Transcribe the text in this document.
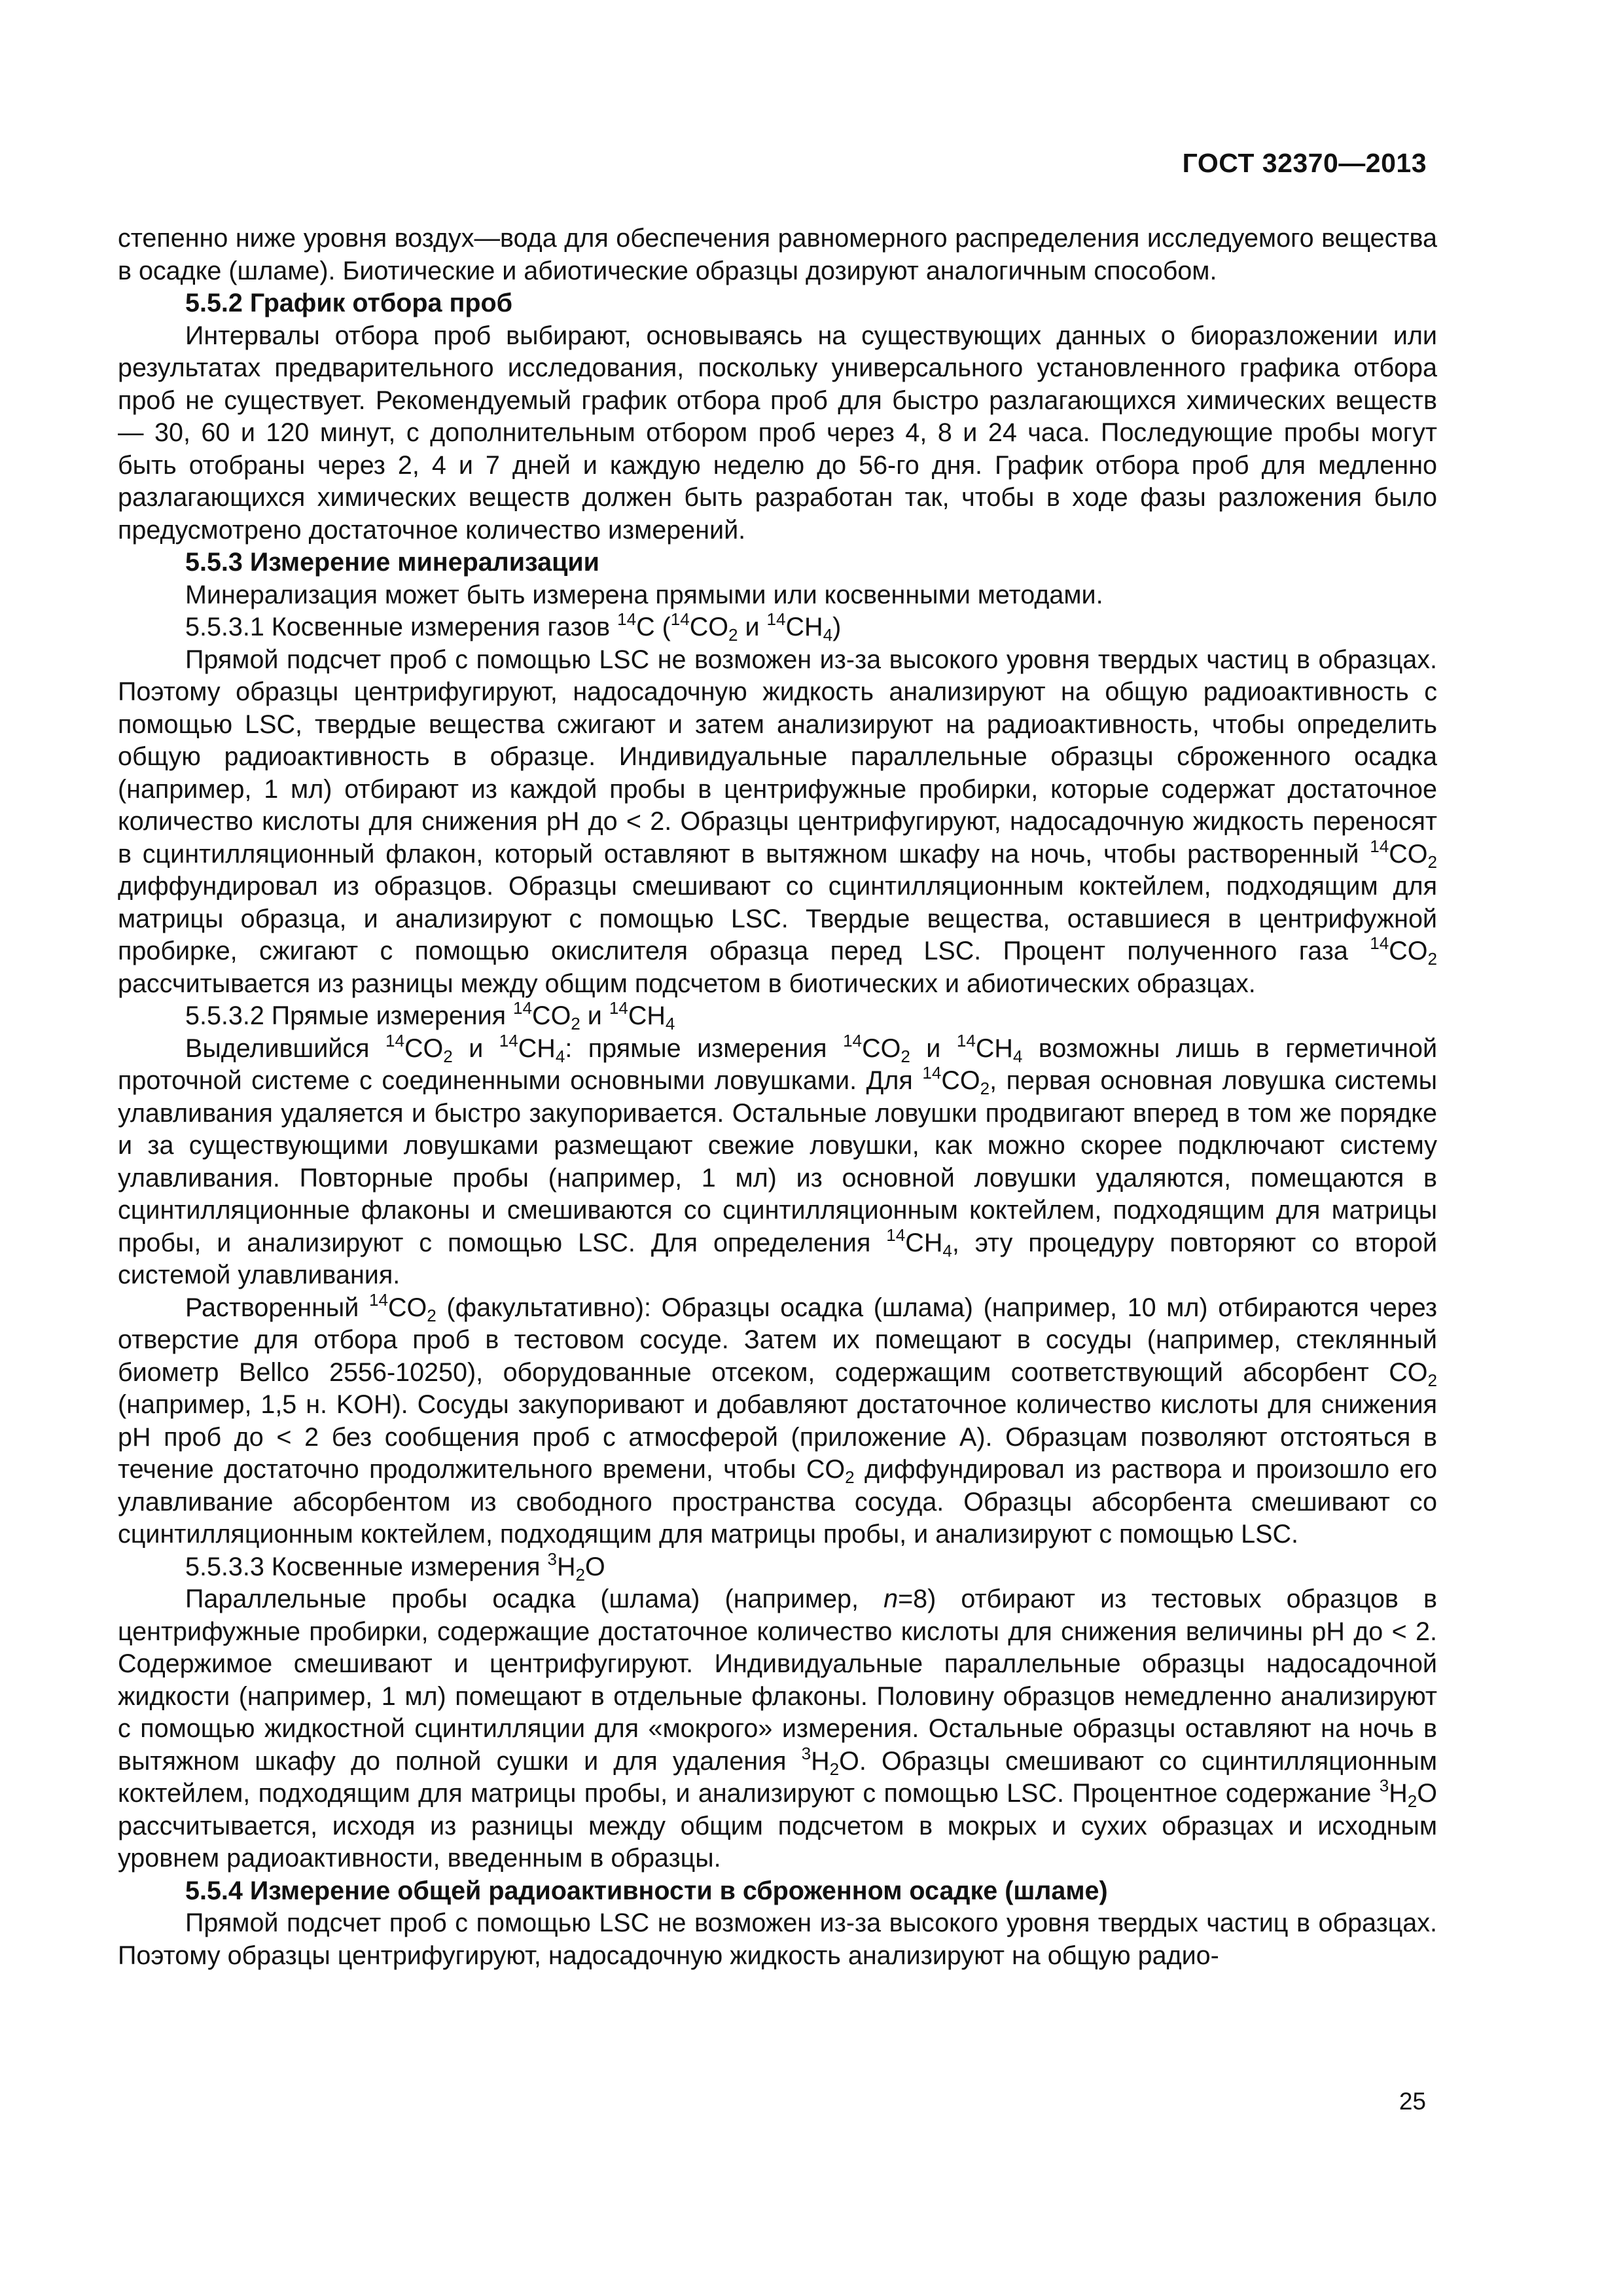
ГОСТ 32370—2013

степенно ниже уровня воздух—вода для обеспечения равномерного распределения исследуемого вещества в осадке (шламе). Биотические и абиотические образцы дозируют аналогичным способом.

5.5.2 График отбора проб

Интервалы отбора проб выбирают, основываясь на существующих данных о биоразложении или результатах предварительного исследования, поскольку универсального установленного графика отбора проб не существует. Рекомендуемый график отбора проб для быстро разлагающихся химических веществ — 30, 60 и 120 минут, с дополнительным отбором проб через 4, 8 и 24 часа. Последующие пробы могут быть отобраны через 2, 4 и 7 дней и каждую неделю до 56-го дня. График отбора проб для медленно разлагающихся химических веществ должен быть разработан так, чтобы в ходе фазы разложения было предусмотрено достаточное количество измерений.

5.5.3 Измерение минерализации

Минерализация может быть измерена прямыми или косвенными методами.

5.5.3.1 Косвенные измерения газов $^{14}$C ($^{14}CO_2$ и $^{14}CH_4$)

Прямой подсчет проб с помощью LSC не возможен из-за высокого уровня твердых частиц в образцах. Поэтому образцы центрифугируют, надосадочную жидкость анализируют на общую радиоактивность с помощью LSC, твердые вещества сжигают и затем анализируют на радиоактивность, чтобы определить общую радиоактивность в образце. Индивидуальные параллельные образцы сброженного осадка (например, 1 мл) отбирают из каждой пробы в центрифужные пробирки, которые содержат достаточное количество кислоты для снижения рН до < 2. Образцы центрифугируют, надосадочную жидкость переносят в сцинтилляционный флакон, который оставляют в вытяжном шкафу на ночь, чтобы растворенный $^{14}CO_2$ диффундировал из образцов. Образцы смешивают со сцинтилляционным коктейлем, подходящим для матрицы образца, и анализируют с помощью LSC. Твердые вещества, оставшиеся в центрифужной пробирке, сжигают с помощью окислителя образца перед LSC. Процент полученного газа $^{14}CO_2$ рассчитывается из разницы между общим подсчетом в биотических и абиотических образцах.

5.5.3.2 Прямые измерения $^{14}CO_2$ и $^{14}CH_4$

Выделившийся $^{14}CO_2$ и $^{14}CH_4$: прямые измерения $^{14}CO_2$ и $^{14}CH_4$ возможны лишь в герметичной проточной системе с соединенными основными ловушками. Для $^{14}CO_2$, первая основная ловушка системы улавливания удаляется и быстро закупоривается. Остальные ловушки продвигают вперед в том же порядке и за существующими ловушками размещают свежие ловушки, как можно скорее подключают систему улавливания. Повторные пробы (например, 1 мл) из основной ловушки удаляются, помещаются в сцинтилляционные флаконы и смешиваются со сцинтилляционным коктейлем, подходящим для матрицы пробы, и анализируют с помощью LSC. Для определения $^{14}CH_4$, эту процедуру повторяют со второй системой улавливания.

Растворенный $^{14}CO_2$ (факультативно): Образцы осадка (шлама) (например, 10 мл) отбираются через отверстие для отбора проб в тестовом сосуде. Затем их помещают в сосуды (например, стеклянный биометр Bellco 2556-10250), оборудованные отсеком, содержащим соответствующий абсорбент $CO_2$ (например, 1,5 н. KOH). Сосуды закупоривают и добавляют достаточное количество кислоты для снижения рН проб до < 2 без сообщения проб с атмосферой (приложение А). Образцам позволяют отстояться в течение достаточно продолжительного времени, чтобы $CO_2$ диффундировал из раствора и произошло его улавливание абсорбентом из свободного пространства сосуда. Образцы абсорбента смешивают со сцинтилляционным коктейлем, подходящим для матрицы пробы, и анализируют с помощью LSC.

5.5.3.3 Косвенные измерения $^3H_2O$

Параллельные пробы осадка (шлама) (например, n=8) отбирают из тестовых образцов в центрифужные пробирки, содержащие достаточное количество кислоты для снижения величины рН до < 2. Содержимое смешивают и центрифугируют. Индивидуальные параллельные образцы надосадочной жидкости (например, 1 мл) помещают в отдельные флаконы. Половину образцов немедленно анализируют с помощью жидкостной сцинтилляции для «мокрого» измерения. Остальные образцы оставляют на ночь в вытяжном шкафу до полной сушки и для удаления $^3H_2O$. Образцы смешивают со сцинтилляционным коктейлем, подходящим для матрицы пробы, и анализируют с помощью LSC. Процентное содержание $^3H_2O$ рассчитывается, исходя из разницы между общим подсчетом в мокрых и сухих образцах и исходным уровнем радиоактивности, введенным в образцы.

5.5.4 Измерение общей радиоактивности в сброженном осадке (шламе)

Прямой подсчет проб с помощью LSC не возможен из-за высокого уровня твердых частиц в образцах. Поэтому образцы центрифугируют, надосадочную жидкость анализируют на общую радио-

25
